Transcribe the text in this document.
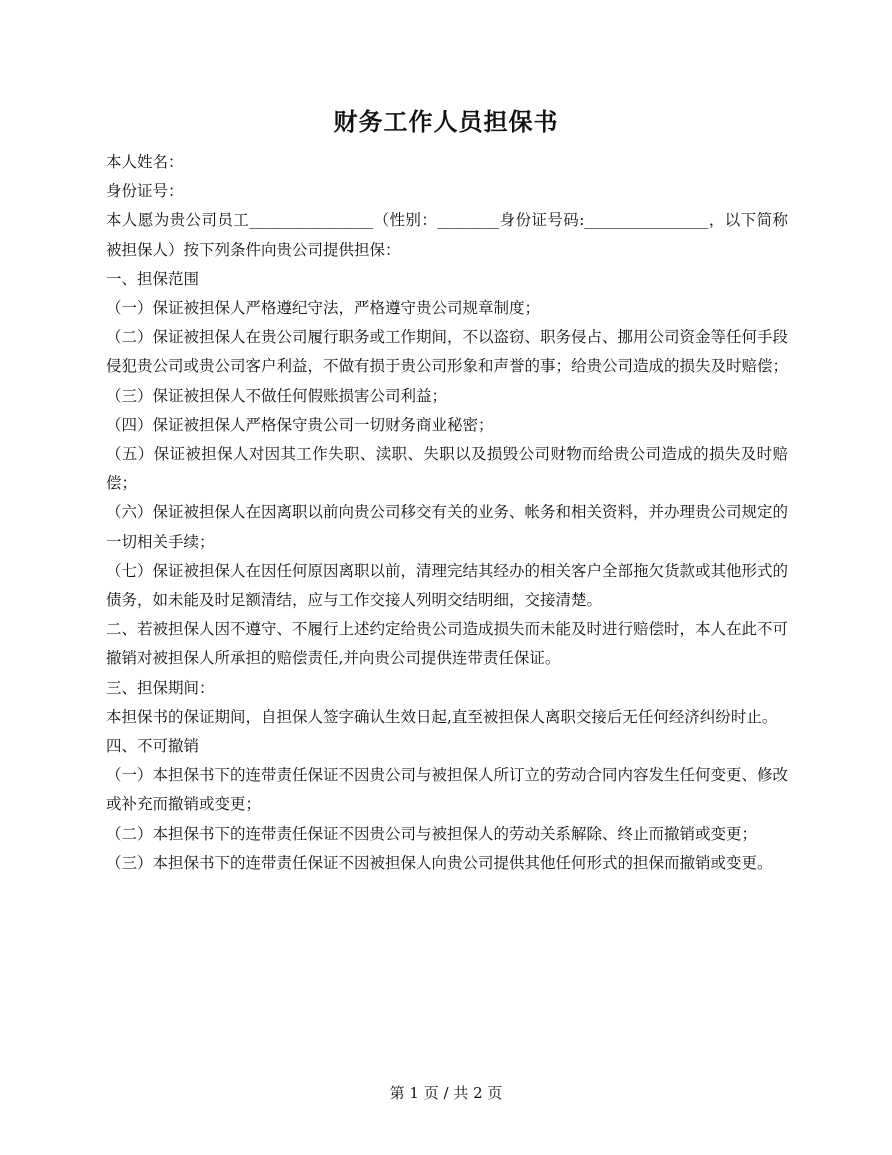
财务工作人员担保书

本人姓名：

身份证号：

本人愿为贵公司员工________________（性别：________身份证号码:________________，以下简称被担保人）按下列条件向贵公司提供担保：

一、担保范围

（一）保证被担保人严格遵纪守法，严格遵守贵公司规章制度；

（二）保证被担保人在贵公司履行职务或工作期间，不以盗窃、职务侵占、挪用公司资金等任何手段侵犯贵公司或贵公司客户利益，不做有损于贵公司形象和声誉的事；给贵公司造成的损失及时赔偿；

（三）保证被担保人不做任何假账损害公司利益；

（四）保证被担保人严格保守贵公司一切财务商业秘密；

（五）保证被担保人对因其工作失职、渎职、失职以及损毁公司财物而给贵公司造成的损失及时赔偿；

（六）保证被担保人在因离职以前向贵公司移交有关的业务、帐务和相关资料，并办理贵公司规定的一切相关手续；

（七）保证被担保人在因任何原因离职以前，清理完结其经办的相关客户全部拖欠货款或其他形式的债务，如未能及时足额清结，应与工作交接人列明交结明细，交接清楚。

二、若被担保人因不遵守、不履行上述约定给贵公司造成损失而未能及时进行赔偿时，本人在此不可撤销对被担保人所承担的赔偿责任,并向贵公司提供连带责任保证。

三、担保期间：

本担保书的保证期间，自担保人签字确认生效日起,直至被担保人离职交接后无任何经济纠纷时止。

四、不可撤销

（一）本担保书下的连带责任保证不因贵公司与被担保人所订立的劳动合同内容发生任何变更、修改或补充而撤销或变更；

（二）本担保书下的连带责任保证不因贵公司与被担保人的劳动关系解除、终止而撤销或变更；

（三）本担保书下的连带责任保证不因被担保人向贵公司提供其他任何形式的担保而撤销或变更。

第 1 页 / 共 2 页
